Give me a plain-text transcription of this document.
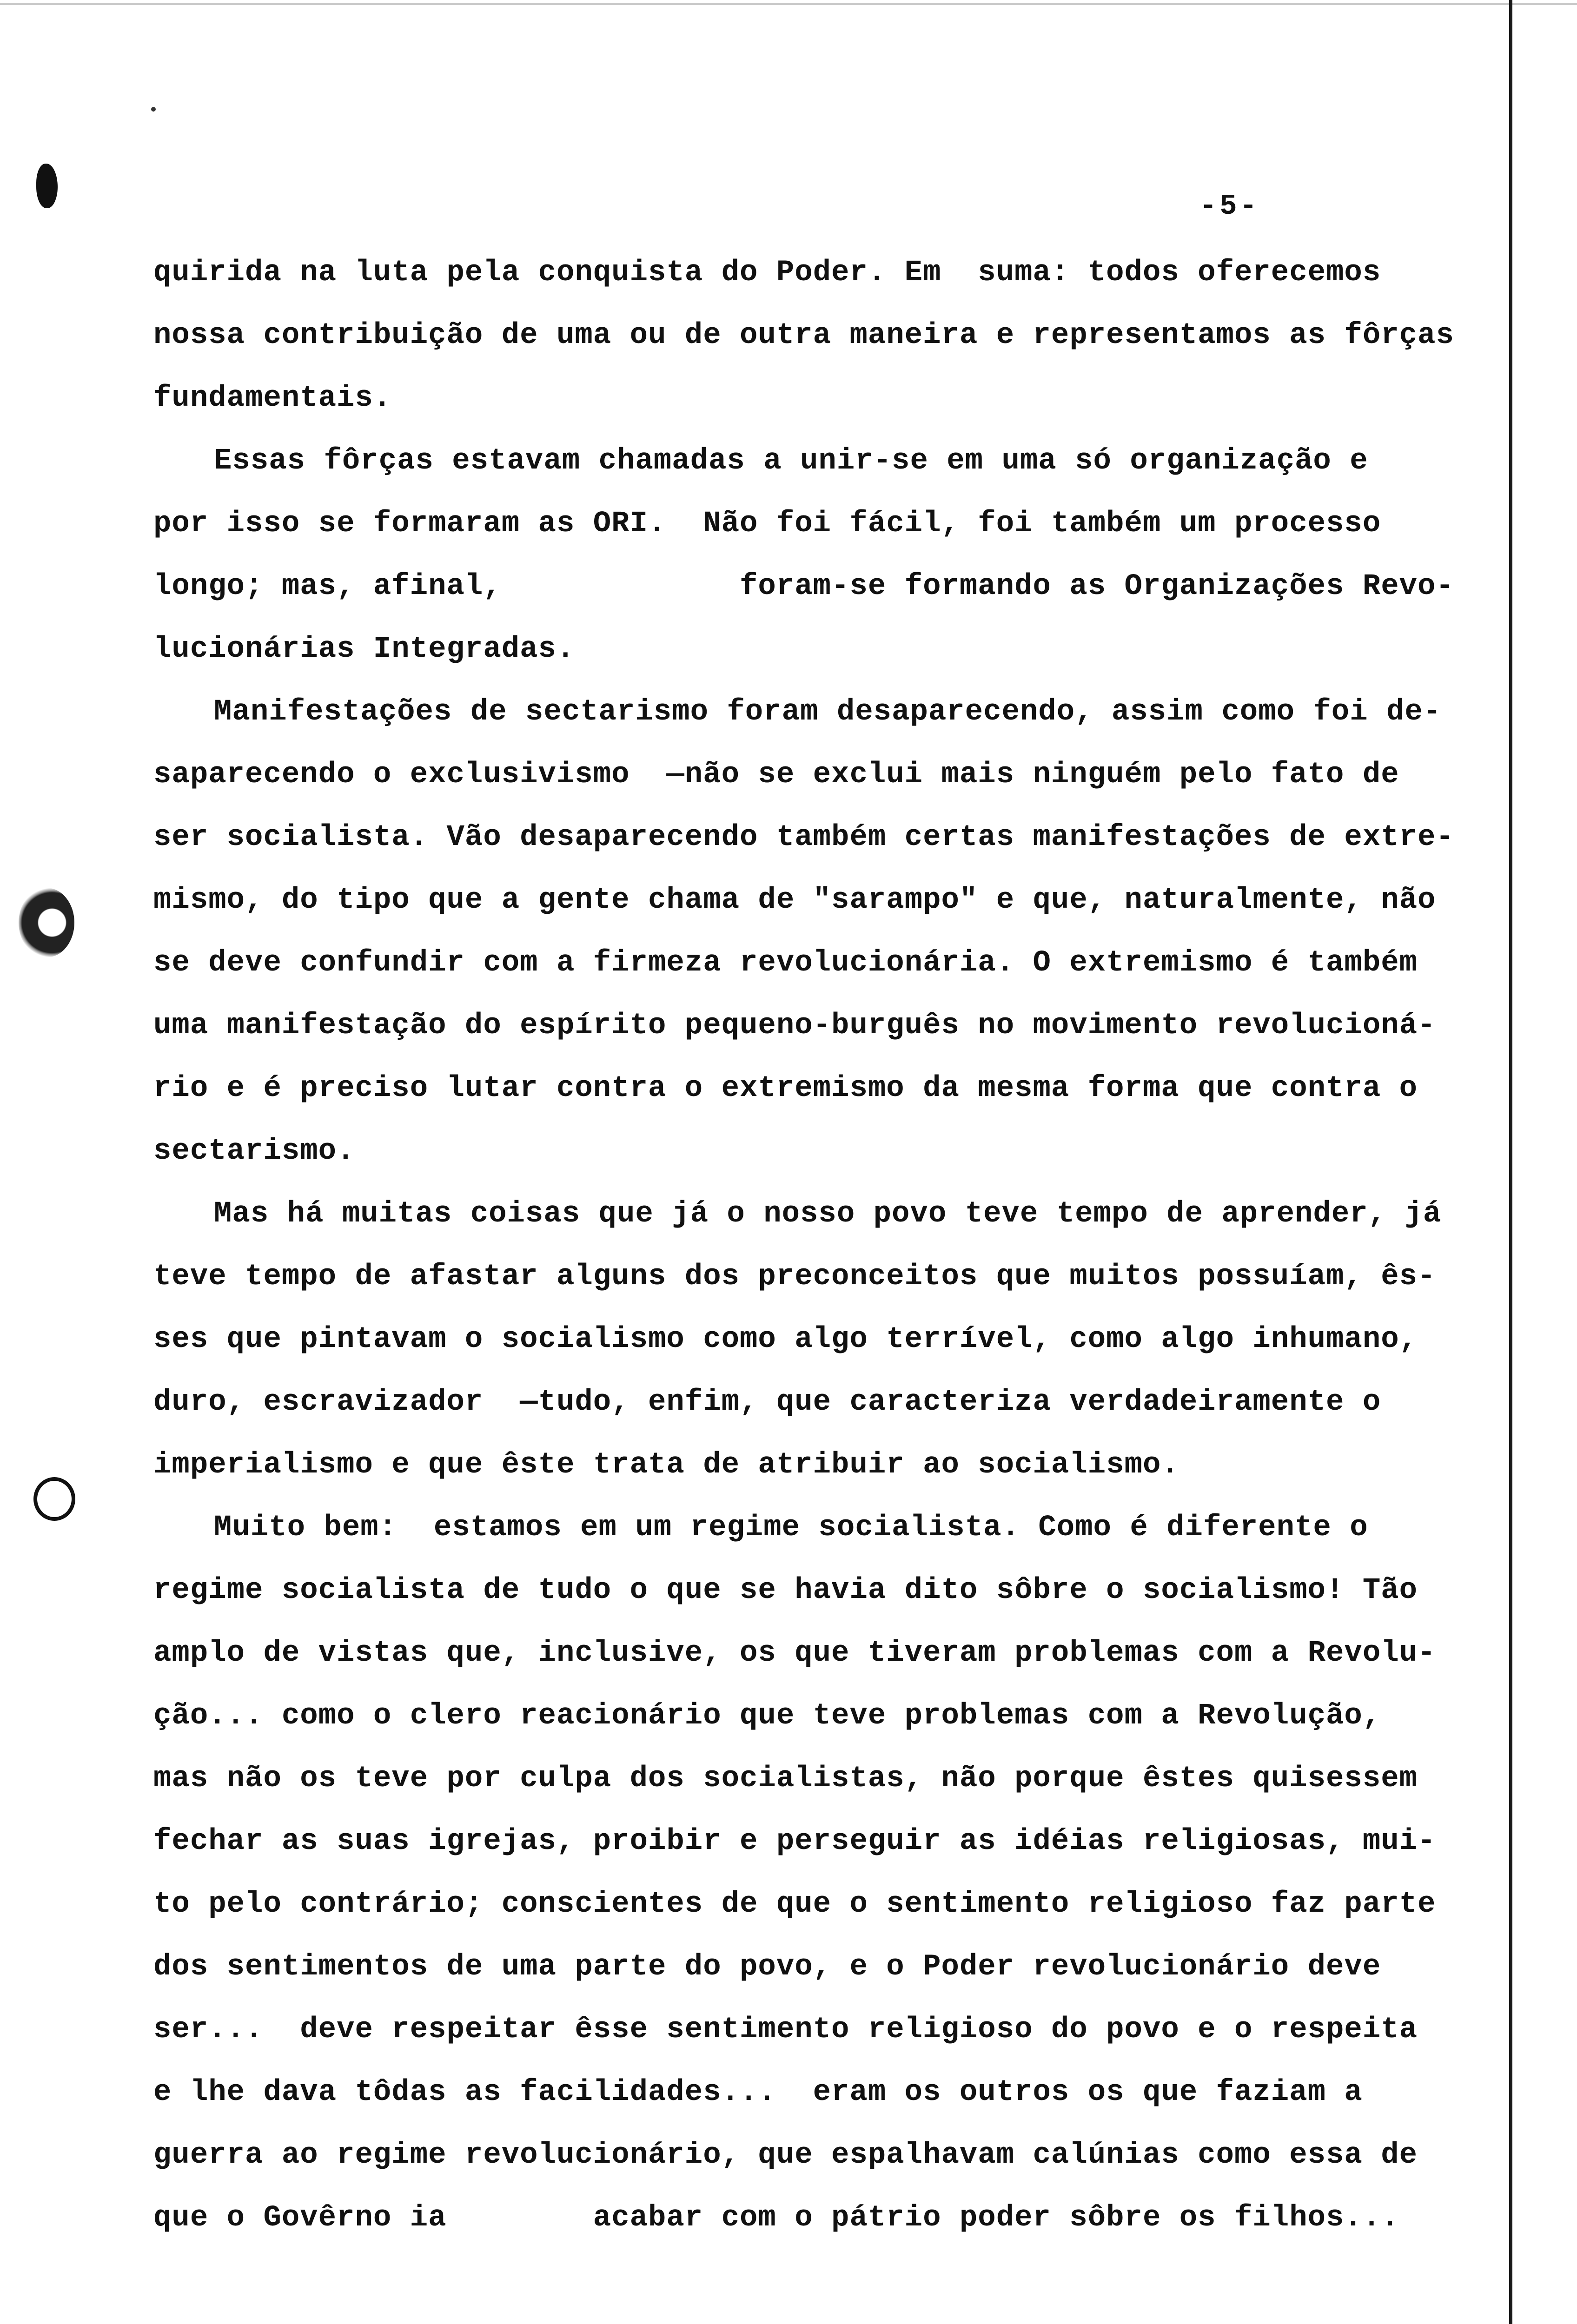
-5-
quirida na luta pela conquista do Poder. Em  suma: todos oferecemos
nossa contribuição de uma ou de outra maneira e representamos as fôrças
fundamentais.
Essas fôrças estavam chamadas a unir-se em uma só organização e
por isso se formaram as ORI.  Não foi fácil, foi também um processo
longo; mas, afinal,             foram-se formando as Organizações Revo-
lucionárias Integradas.
Manifestações de sectarismo foram desaparecendo, assim como foi de-
saparecendo o exclusivismo  —não se exclui mais ninguém pelo fato de
ser socialista. Vão desaparecendo também certas manifestações de extre-
mismo, do tipo que a gente chama de "sarampo" e que, naturalmente, não
se deve confundir com a firmeza revolucionária. O extremismo é também
uma manifestação do espírito pequeno-burguês no movimento revolucioná-
rio e é preciso lutar contra o extremismo da mesma forma que contra o
sectarismo.
Mas há muitas coisas que já o nosso povo teve tempo de aprender, já
teve tempo de afastar alguns dos preconceitos que muitos possuíam, ês-
ses que pintavam o socialismo como algo terrível, como algo inhumano,
duro, escravizador  —tudo, enfim, que caracteriza verdadeiramente o
imperialismo e que êste trata de atribuir ao socialismo.
Muito bem:  estamos em um regime socialista. Como é diferente o
regime socialista de tudo o que se havia dito sôbre o socialismo! Tão
amplo de vistas que, inclusive, os que tiveram problemas com a Revolu-
ção... como o clero reacionário que teve problemas com a Revolução,
mas não os teve por culpa dos socialistas, não porque êstes quisessem
fechar as suas igrejas, proibir e perseguir as idéias religiosas, mui-
to pelo contrário; conscientes de que o sentimento religioso faz parte
dos sentimentos de uma parte do povo, e o Poder revolucionário deve
ser...  deve respeitar êsse sentimento religioso do povo e o respeita
e lhe dava tôdas as facilidades...  eram os outros os que faziam a
guerra ao regime revolucionário, que espalhavam calúnias como essa de
que o Govêrno ia        acabar com o pátrio poder sôbre os filhos...
